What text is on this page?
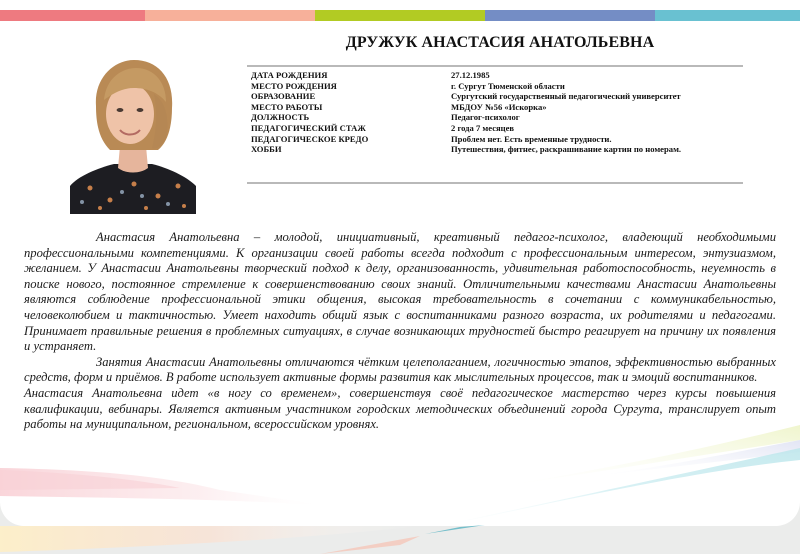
ДРУЖУК АНАСТАСИЯ АНАТОЛЬЕВНА
ДАТА РОЖДЕНИЯ	27.12.1985
МЕСТО РОЖДЕНИЯ	г. Сургут Тюменской области
ОБРАЗОВАНИЕ	Сургутский государственный педагогический университет
МЕСТО РАБОТЫ	МБДОУ №56 «Искорка»
ДОЛЖНОСТЬ	Педагог-психолог
ПЕДАГОГИЧЕСКИЙ СТАЖ	2 года 7 месяцев
ПЕДАГОГИЧЕСКОЕ КРЕДО	Проблем нет. Есть временные трудности.
ХОББИ	Путешествия, фитнес, раскрашивание картин по номерам.

Анастасия Анатольевна – молодой, инициативный, креативный педагог-психолог, владеющий необходимыми профессиональными компетенциями. К организации своей работы всегда подходит с профессиональным интересом, энтузиазмом, желанием. У Анастасии Анатольевны творческий подход к делу, организованность, удивительная работоспособность, неуемность в поиске нового, постоянное стремление к совершенствованию своих знаний. Отличительными качествами Анастасии Анатольевны являются соблюдение профессиональной этики общения, высокая требовательность в сочетании с коммуникабельностью, человеколюбием и тактичностью. Умеет находить общий язык с воспитанниками разного возраста, их родителями и педагогами. Принимает правильные решения в проблемных ситуациях, в случае возникающих трудностей быстро реагирует на причину их появления и устраняет.

Занятия Анастасии Анатольевны отличаются чётким целеполаганием, логичностью этапов, эффективностью выбранных средств, форм и приёмов. В работе использует активные формы развития как мыслительных процессов, так и эмоций воспитанников.

Анастасия Анатольевна идет «в ногу со временем», совершенствуя своё педагогическое мастерство через курсы повышения квалификации, вебинары. Является активным участником городских методических объединений города Сургута, транслирует опыт работы на муниципальном, региональном, всероссийском уровнях.
